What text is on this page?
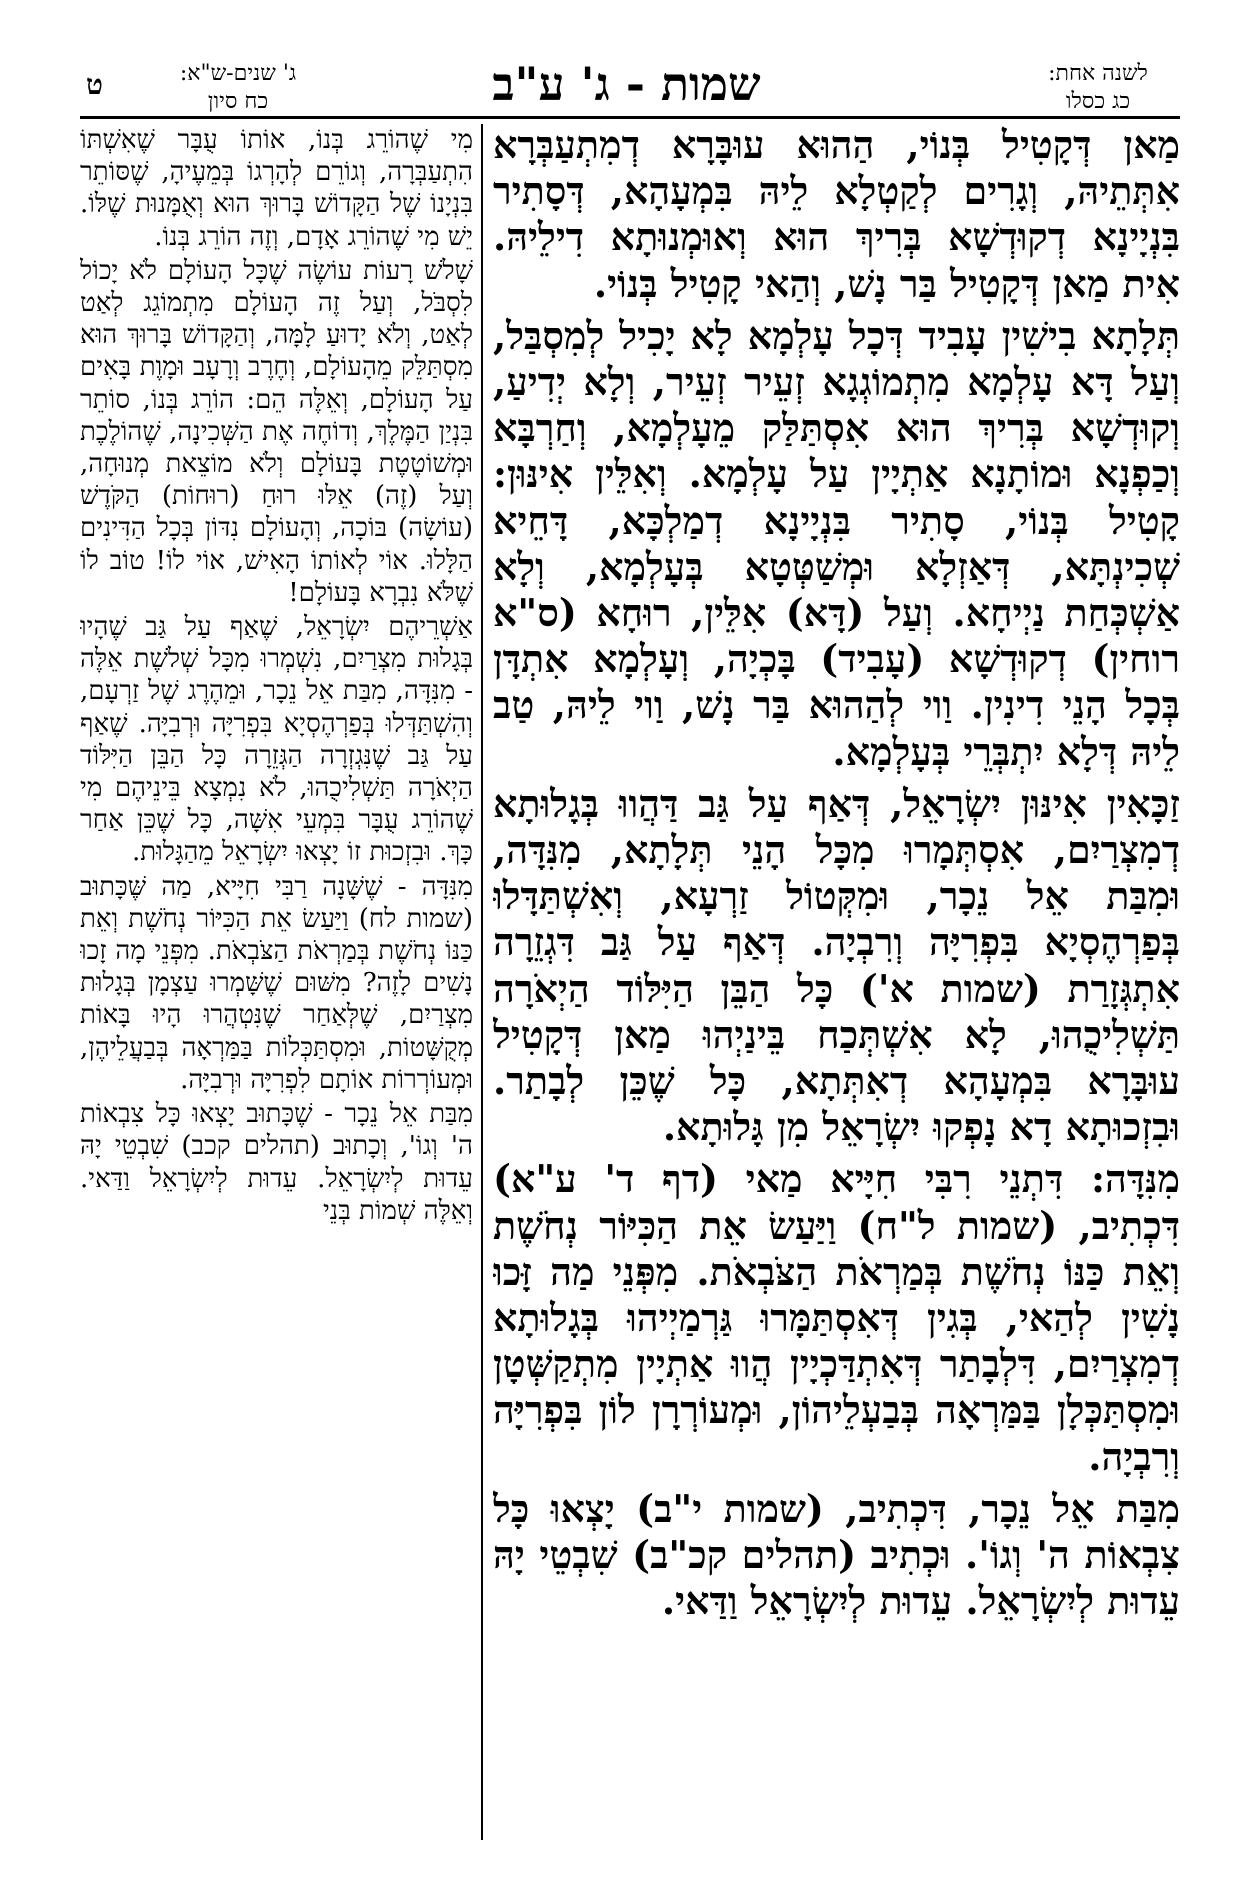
ט	ג' שנים-ש"א:
כח סיון	שמות - ג' ע"ב	לשנה אחת:
כג כסלו

מַאן דְּקָטִיל בְּנוֹי, הַהוּא עוּבָּרָא דְמִתְעַבְּרָא אִתְּתֵיהּ, וְגָרִים לְקַטְלָא לֵיהּ בִּמְעָהָא, דְּסָתִיר בִּנְיָינָא דְקוּדְשָׁא בְּרִיךְ הוּא וְאוּמְנוּתָא דִילֵיהּ. אִית מַאן דְּקָטִיל בַּר נָשׁ, וְהַאי קָטִיל בְּנוֹי.

תְּלָתָא בִישִׁין עָבִיד דְּכָל עָלְמָא לָא יָכִיל לְמִסְבַּל, וְעַל דָּא עָלְמָא מִתְמוֹגְגָא זְעֵיר זְעֵיר, וְלָא יְדִיעַ, וְקוּדְשָׁא בְּרִיךְ הוּא אִסְתַּלַּק מֵעָלְמָא, וְחַרְבָּא וְכַפְנָא וּמוֹתָנָא אַתְיָין עַל עָלְמָא. וְאִלֵּין אִינּוּן: קָטִיל בְּנוֹי, סָתִיר בִּנְיָינָא דְמַלְכָּא, דָּחֵיא שְׁכִינְתָּא, דְּאַזְלָא וּמְשַׁטְּטָא בְּעָלְמָא, וְלָא אַשְׁכְּחַת נַיְיחָא. וְעַל (דָּא) אִלֵּין, רוּחָא (ס"א רוחין) דְקוּדְשָׁא (עָבִיד) בָּכְיָה, וְעָלְמָא אִתְדָּן בְּכָל הָנֵי דִינִין. וַוי לְהַהוּא בַּר נָשׁ, וַוי לֵיהּ, טַב לֵיהּ דְּלָא יִתְבְּרֵי בְּעָלְמָא.

זַכָּאִין אִינּוּן יִשְׂרָאֵל, דְּאַף עַל גַּב דַּהֲווּ בְּגָלוּתָא דְמִצְרַיִם, אִסְתְּמָרוּ מִכָּל הָנֵי תְּלָתָא, מִנִּדָּה, וּמִבַּת אֵל נֵכָר, וּמִקְּטוֹל זַרְעָא, וְאִשְׁתַּדָּלוּ בְּפַרְהֶסְיָא בִּפְרִיָּה וְרִבְיָה. דְּאַף עַל גַּב דִּגְזֵרָה אִתְגְּזָרַת (שמות א') כָּל הַבֵּן הַיִּלּוֹד הַיְאֹרָה תַּשְׁלִיכֻהוּ, לָא אִשְׁתְּכַח בֵּינַיְהוּ מַאן דְּקָטִיל עוּבָּרָא בִּמְעָהָא דְאִתְּתָא, כָּל שֶׁכֵּן לְבָתַר. וּבִזְכוּתָא דָא נָפְקוּ יִשְׂרָאֵל מִן גָּלוּתָא.

מִנִּדָּה: דִּתְנֵי רִבִּי חִיָּיא מַאי (דף ד' ע"א) דִּכְתִיב, (שמות ל"ח) וַיַּעַשׂ אֵת הַכִּיּוֹר נְחֹשֶׁת וְאֵת כַּנּוֹ נְחֹשֶׁת בְּמַרְאֹת הַצֹּבְאֹת. מִפְּנֵי מַה זָּכוּ נָשִׁין לְהַאי, בְּגִין דְּאִסְתַּמָּרוּ גַּרְמַיְיהוּ בְּגָלוּתָא דְמִצְרַיִם, דִּלְבָתַר דְּאִתְדַּכְיָין הֲווּ אַתְיָין מִתְקַשְּׁטָן וּמִסְתַּכְּלָן בַּמַּרְאָה בְּבַעְלֵיהוֹן, וּמְעוֹרְרָן לוֹן בִּפְרִיָּה וְרִבְיָה.

מִבַּת אֵל נֵכָר, דִּכְתִיב, (שמות י"ב) יָצְאוּ כָּל צִבְאוֹת ה' וְגוֹ'. וּכְתִיב (תהלים קכ"ב) שִׁבְטֵי יָהּ עֵדוּת לְיִשְׂרָאֵל. עֵדוּת לְיִשְׂרָאֵל וַדַּאי.

מִי שֶׁהוֹרֵג בְּנוֹ, אוֹתוֹ עֻבָּר שֶׁאִשְׁתּוֹ הִתְעַבְּרָה, וְגוֹרֵם לְהָרְגוֹ בְּמֵעֶיהָ, שֶׁסּוֹתֵר בִּנְיָנוֹ שֶׁל הַקָּדוֹשׁ בָּרוּךְ הוּא וְאֻמָּנוּת שֶׁלּוֹ. יֵשׁ מִי שֶׁהוֹרֵג אָדָם, וְזֶה הוֹרֵג בְּנוֹ.

שָׁלֹשׁ רָעוֹת עוֹשֶׂה שֶׁכָּל הָעוֹלָם לֹא יָכוֹל לִסְבֹּל, וְעַל זֶה הָעוֹלָם מִתְמוֹגֵג לְאַט לְאַט, וְלֹא יָדוּעַ לָמָּה, וְהַקָּדוֹשׁ בָּרוּךְ הוּא מִסְתַּלֵּק מֵהָעוֹלָם, וְחֶרֶב וְרָעָב וּמָוֶת בָּאִים עַל הָעוֹלָם, וְאֵלֶּה הֵם: הוֹרֵג בְּנוֹ, סוֹתֵר בִּנְיַן הַמֶּלֶךְ, וְדוֹחֶה אֶת הַשְּׁכִינָה, שֶׁהוֹלֶכֶת וּמְשׁוֹטֶטֶת בָּעוֹלָם וְלֹא מוֹצֵאת מְנוּחָה, וְעַל (זֶה) אֵלּוּ רוּחַ (רוּחוֹת) הַקֹּדֶשׁ (עוֹשָׂה) בּוֹכָה, וְהָעוֹלָם נִדּוֹן בְּכָל הַדִּינִים הַלָּלוּ. אוֹי לְאוֹתוֹ הָאִישׁ, אוֹי לוֹ! טוֹב לוֹ שֶׁלֹּא נִבְרָא בָּעוֹלָם!

אַשְׁרֵיהֶם יִשְׂרָאֵל, שֶׁאַף עַל גַּב שֶׁהָיוּ בְּגָלוּת מִצְרַיִם, נִשְׁמְרוּ מִכָּל שְׁלֹשֶׁת אֵלֶּה - מִנִּדָּה, מִבַּת אֵל נֵכָר, וּמֵהֶרֶג שֶׁל זַרְעָם, וְהִשְׁתַּדְּלוּ בְּפַרְהֶסְיָא בִּפְרִיָּה וּרְבִיָּה. שֶׁאַף עַל גַּב שֶׁנִּגְזְרָה הַגְּזֵרָה כָּל הַבֵּן הַיִּלּוֹד הַיְאֹרָה תַּשְׁלִיכֻהוּ, לֹא נִמְצָא בֵּינֵיהֶם מִי שֶׁהוֹרֵג עֻבָּר בִּמְעֵי אִשָּׁה, כָּל שֶׁכֵּן אַחַר כָּךְ. וּבִזְכוּת זוֹ יָצְאוּ יִשְׂרָאֵל מֵהַגָּלוּת.

מִנִּדָּה - שֶׁשָּׁנָה רַבִּי חִיָּיא, מַה שֶּׁכָּתוּב (שמות לח) וַיַּעַשׂ אֵת הַכִּיּוֹר נְחֹשֶׁת וְאֵת כַּנּוֹ נְחֹשֶׁת בְּמַרְאֹת הַצֹּבְאֹת. מִפְּנֵי מָה זָכוּ נָשִׁים לָזֶה? מִשּׁוּם שֶׁשָּׁמְרוּ עַצְמָן בְּגָלוּת מִצְרַיִם, שֶׁלְּאַחַר שֶׁנִּטְהֲרוּ הָיוּ בָּאוֹת מְקֻשָּׁטוֹת, וּמִסְתַּכְּלוֹת בַּמַּרְאָה בְּבַעֲלֵיהֶן, וּמְעוֹרְרוֹת אוֹתָם לִפְרִיָּה וּרְבִיָּה.

מִבַּת אֵל נֵכָר - שֶׁכָּתוּב יָצְאוּ כָּל צִבְאוֹת ה' וְגוֹ', וְכָתוּב (תהלים קכב) שִׁבְטֵי יָהּ עֵדוּת לְיִשְׂרָאֵל. עֵדוּת לְיִשְׂרָאֵל וַדַּאי. וְאֵלֶּה שְׁמוֹת בְּנֵי
